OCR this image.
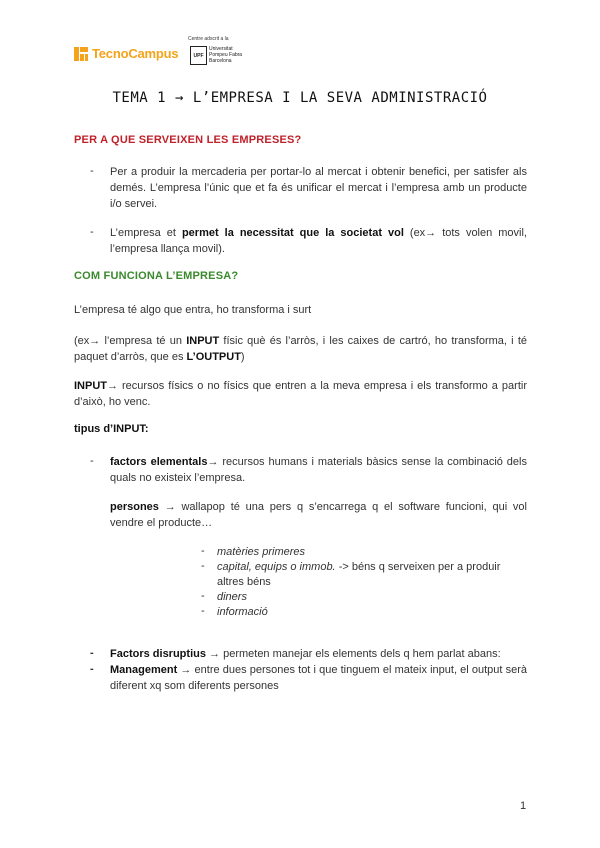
TecnoCampus
Centre adscrit a la
UPF
Universitat
Pompeu Fabra
Barcelona
TEMA 1 → L’EMPRESA I LA SEVA ADMINISTRACIÓ
PER A QUE SERVEIXEN LES EMPRESES?
- Per a produir la mercaderia per portar-lo al mercat i obtenir benefici, per satisfer als demés. L’empresa l’únic que et fa és unificar el mercat i l’empresa amb un producte i/o servei.
- L’empresa et permet la necessitat que la societat vol (ex→ tots volen movil, l’empresa llança movil).
COM FUNCIONA L’EMPRESA?
L’empresa té algo que entra, ho transforma i surt
(ex→ l’empresa té un INPUT físic què és l’arròs, i les caixes de cartró, ho transforma, i té paquet d’arròs, que es L’OUTPUT)
INPUT→ recursos físics o no físics que entren a la meva empresa i els transformo a partir d’això, ho venc.
tipus d’INPUT:
- factors elementals→ recursos humans i materials bàsics sense la combinació dels quals no existeix l’empresa.
persones → wallapop té una pers q s’encarrega q el software funcioni, qui vol vendre el producte…
- matèries primeres
- capital, equips o immob. -> béns q serveixen per a produir altres béns
- diners
- informació
- Factors disruptius → permeten manejar els elements dels q hem parlat abans:
- Management → entre dues persones tot i que tinguem el mateix input, el output serà diferent xq som diferents persones
1
